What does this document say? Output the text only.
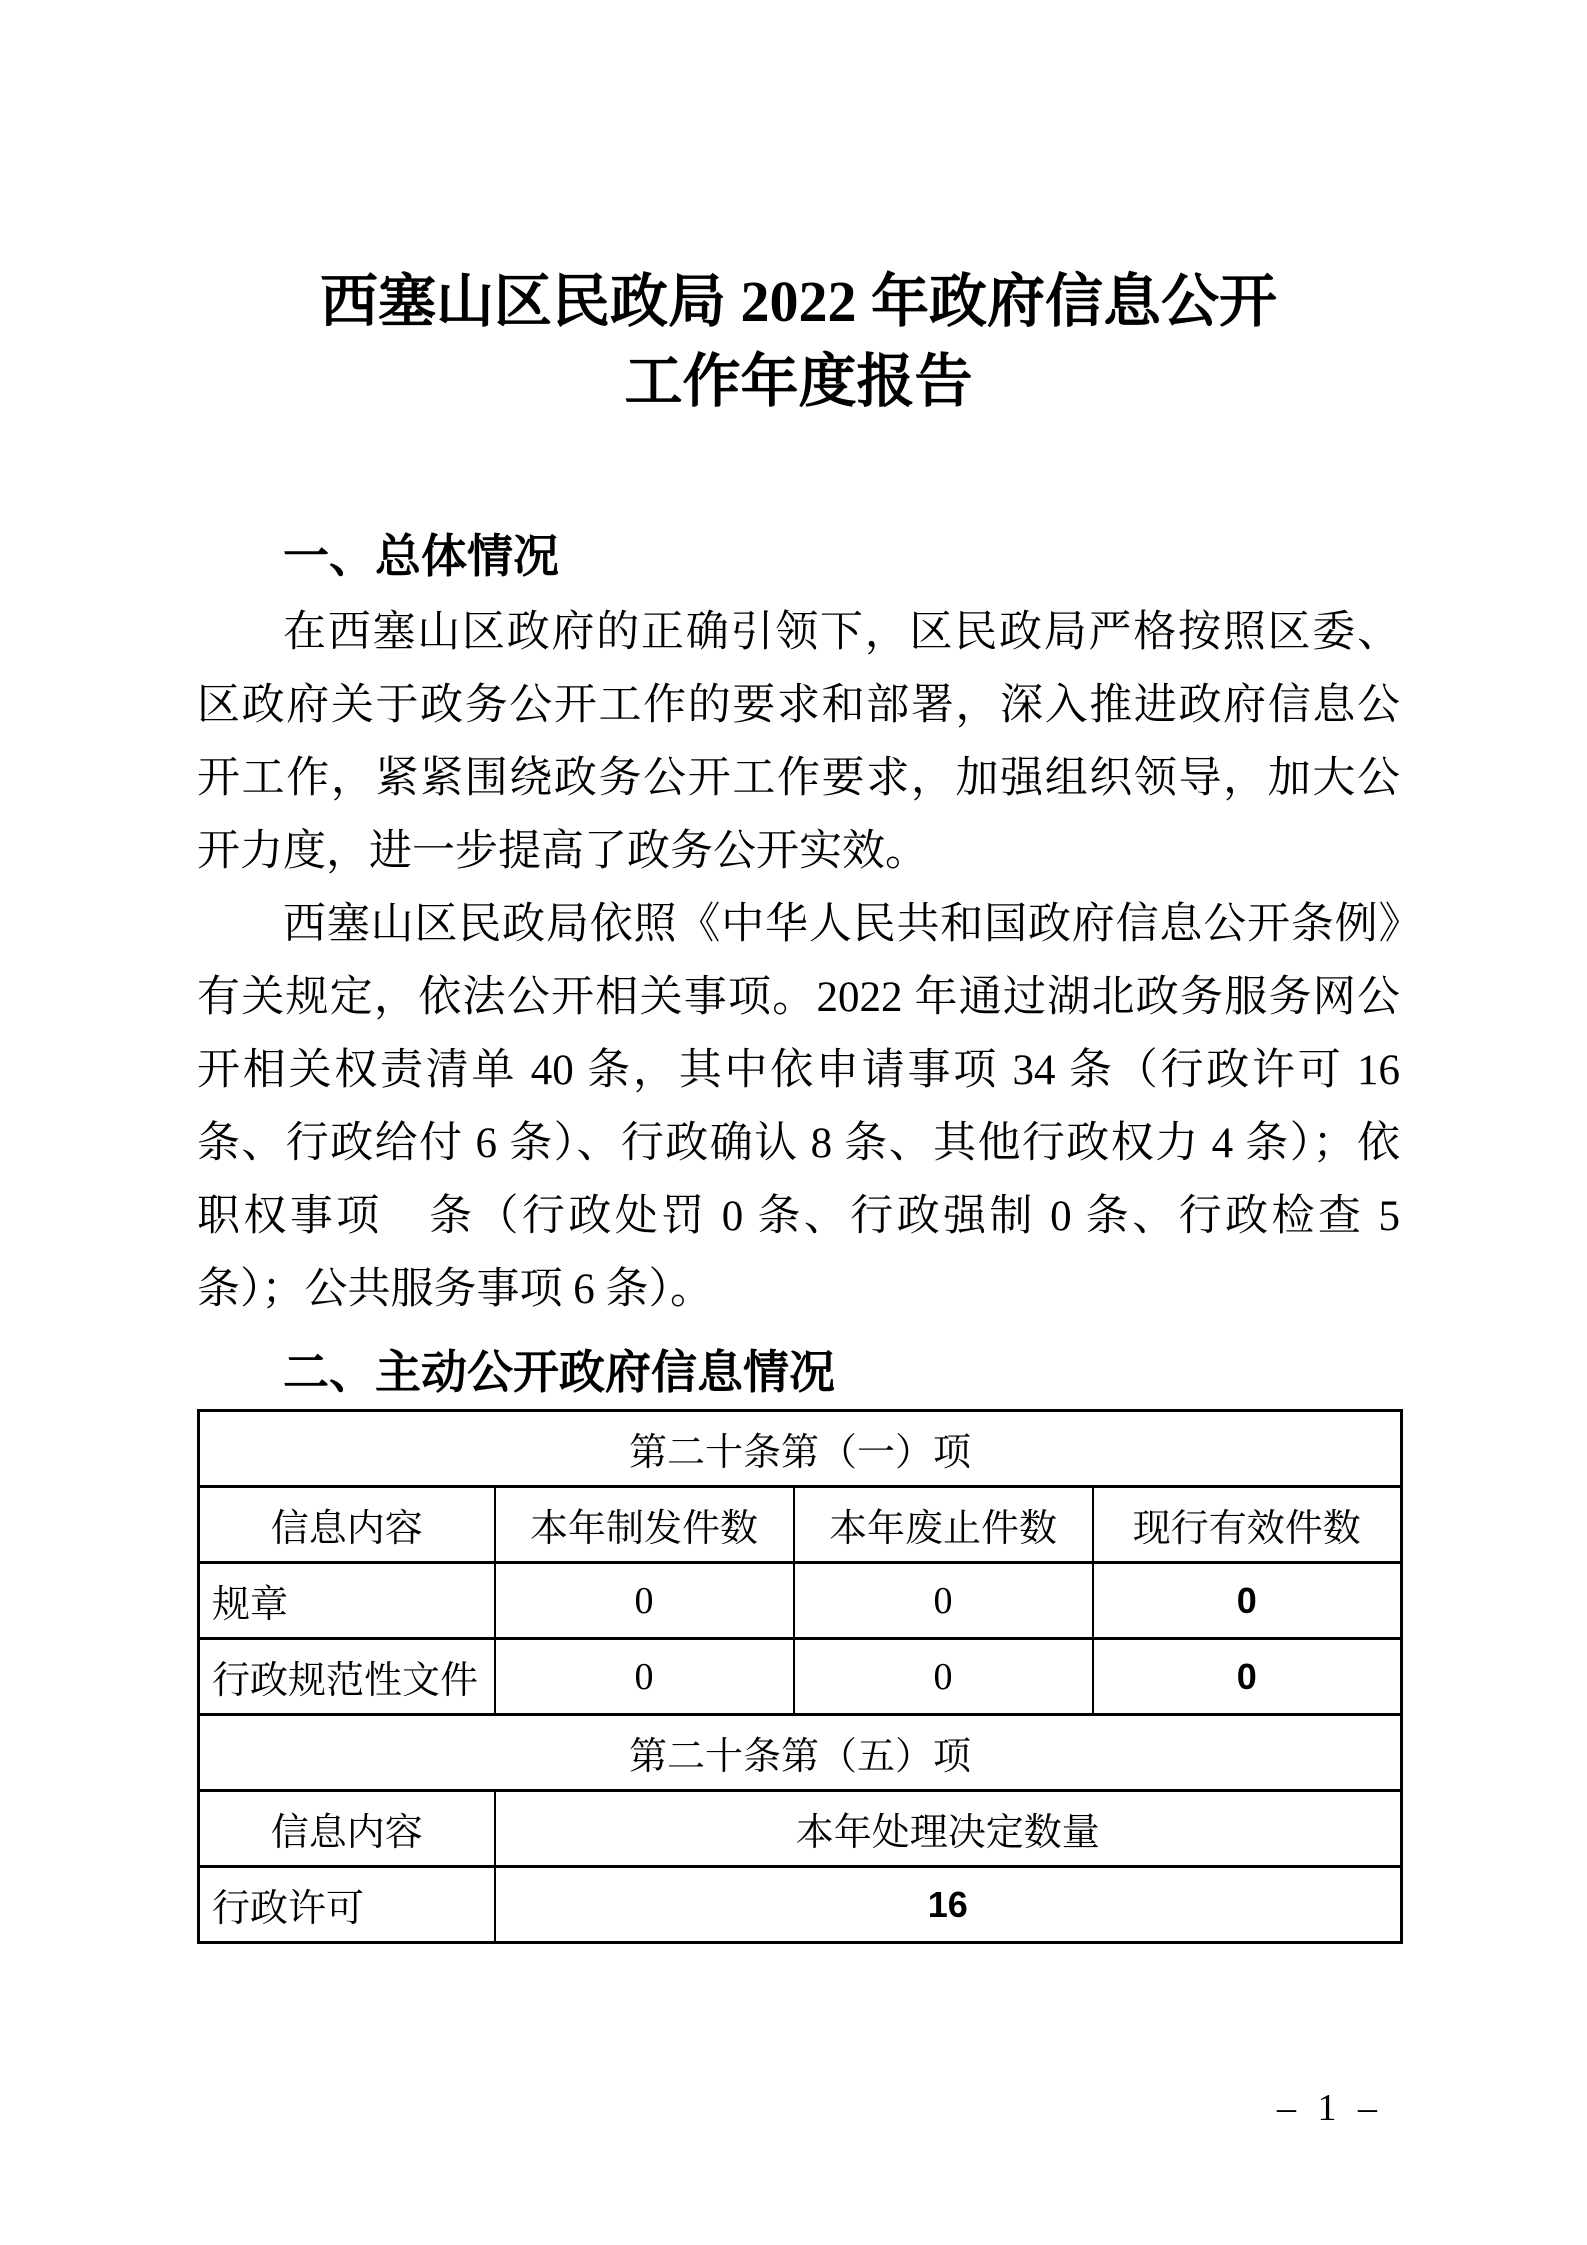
西塞山区民政局 2022 年政府信息公开
工作年度报告
一、总体情况

在西塞山区政府的正确引领下，区民政局严格按照区委、区政府关于政务公开工作的要求和部署，深入推进政府信息公开工作，紧紧围绕政务公开工作要求，加强组织领导，加大公开力度，进一步提高了政务公开实效。

西塞山区民政局依照《中华人民共和国政府信息公开条例》有关规定，依法公开相关事项。2022 年通过湖北政务服务网公开相关权责清单 40 条，其中依申请事项 34 条（行政许可 16 条、行政给付 6 条）、行政确认 8 条、其他行政权力 4 条）；依职权事项　条（行政处罚 0 条、行政强制 0 条、行政检查 5 条）；公共服务事项 6 条）。

二、主动公开政府信息情况
第二十条第（一）项			
信息内容	本年制发件数	本年废止件数	现行有效件数
规章	0	0	0
行政规范性文件	0	0	0
第二十条第（五）项			
信息内容	本年处理决定数量		
行政许可	16		
– 1 –
